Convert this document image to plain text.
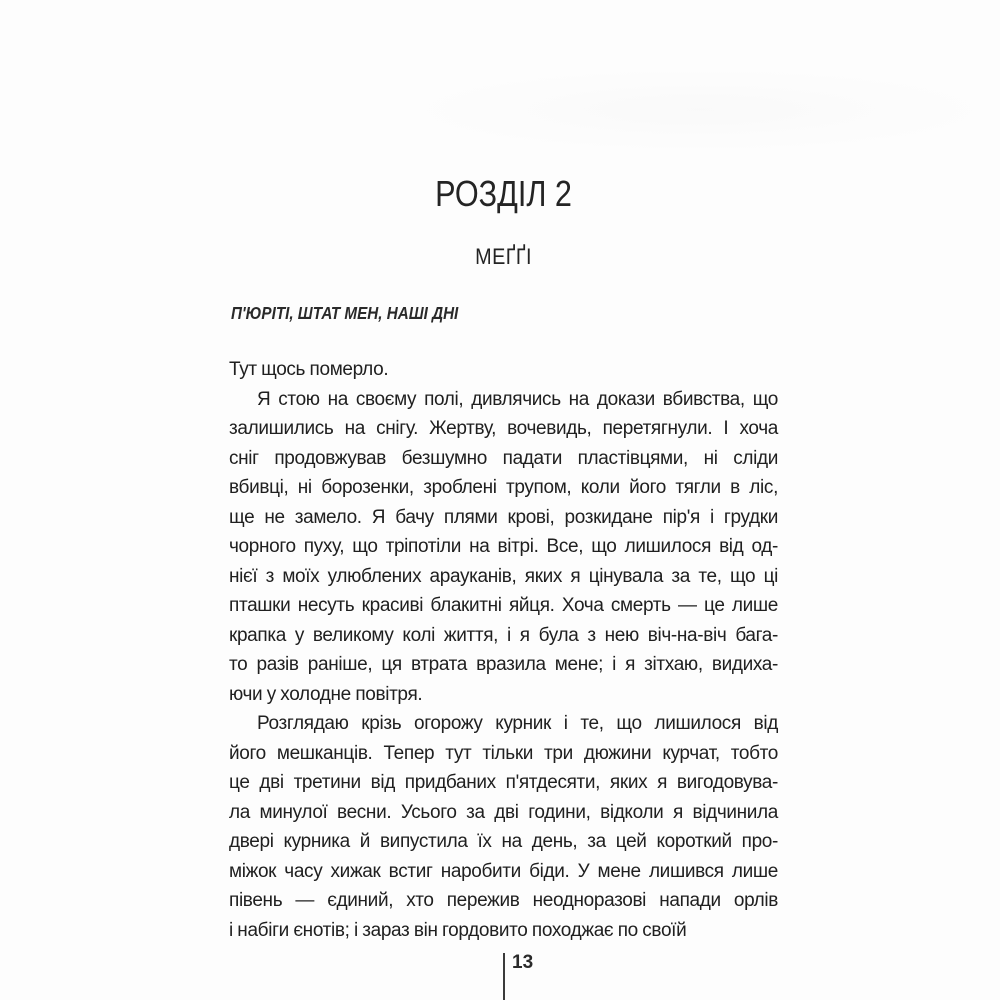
РОЗДІЛ 2
МЕҐҐІ
П'ЮРІТІ, ШТАТ МЕН, НАШІ ДНІ
Тут щось померло.
Я стою на своєму полі, дивлячись на докази вбивства, що
залишились на снігу. Жертву, вочевидь, перетягнули. І хоча
сніг продовжував безшумно падати пластівцями, ні сліди
вбивці, ні борозенки, зроблені трупом, коли його тягли в ліс,
ще не замело. Я бачу плями крові, розкидане пір'я і грудки
чорного пуху, що тріпотіли на вітрі. Все, що лишилося від од-
нієї з моїх улюблених арауканів, яких я цінувала за те, що ці
пташки несуть красиві блакитні яйця. Хоча смерть — це лише
крапка у великому колі життя, і я була з нею віч-на-віч бага-
то разів раніше, ця втрата вразила мене; і я зітхаю, видиха-
ючи у холодне повітря.
Розглядаю крізь огорожу курник і те, що лишилося від
його мешканців. Тепер тут тільки три дюжини курчат, тобто
це дві третини від придбаних п'ятдесяти, яких я вигодовува-
ла минулої весни. Усього за дві години, відколи я відчинила
двері курника й випустила їх на день, за цей короткий про-
міжок часу хижак встиг наробити біди. У мене лишився лише
півень — єдиний, хто пережив неодноразові напади орлів
і набіги єнотів; і зараз він гордовито походжає по своїй
13
